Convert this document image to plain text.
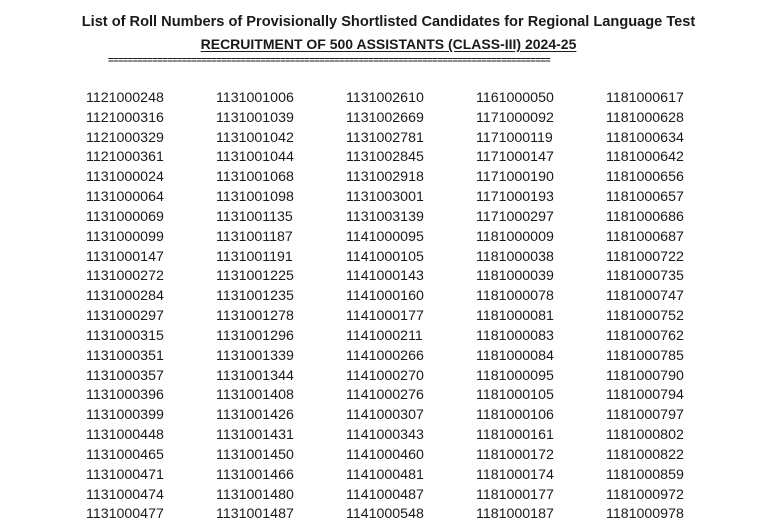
List of Roll Numbers of Provisionally Shortlisted Candidates for Regional Language Test
RECRUITMENT OF 500 ASSISTANTS (CLASS-III) 2024-25
==========================================================================================
1121000248
1121000316
1121000329
1121000361
1131000024
1131000064
1131000069
1131000099
1131000147
1131000272
1131000284
1131000297
1131000315
1131000351
1131000357
1131000396
1131000399
1131000448
1131000465
1131000471
1131000474
1131000477
1131001006
1131001039
1131001042
1131001044
1131001068
1131001098
1131001135
1131001187
1131001191
1131001225
1131001235
1131001278
1131001296
1131001339
1131001344
1131001408
1131001426
1131001431
1131001450
1131001466
1131001480
1131001487
1131002610
1131002669
1131002781
1131002845
1131002918
1131003001
1131003139
1141000095
1141000105
1141000143
1141000160
1141000177
1141000211
1141000266
1141000270
1141000276
1141000307
1141000343
1141000460
1141000481
1141000487
1141000548
1161000050
1171000092
1171000119
1171000147
1171000190
1171000193
1171000297
1181000009
1181000038
1181000039
1181000078
1181000081
1181000083
1181000084
1181000095
1181000105
1181000106
1181000161
1181000172
1181000174
1181000177
1181000187
1181000617
1181000628
1181000634
1181000642
1181000656
1181000657
1181000686
1181000687
1181000722
1181000735
1181000747
1181000752
1181000762
1181000785
1181000790
1181000794
1181000797
1181000802
1181000822
1181000859
1181000972
1181000978
